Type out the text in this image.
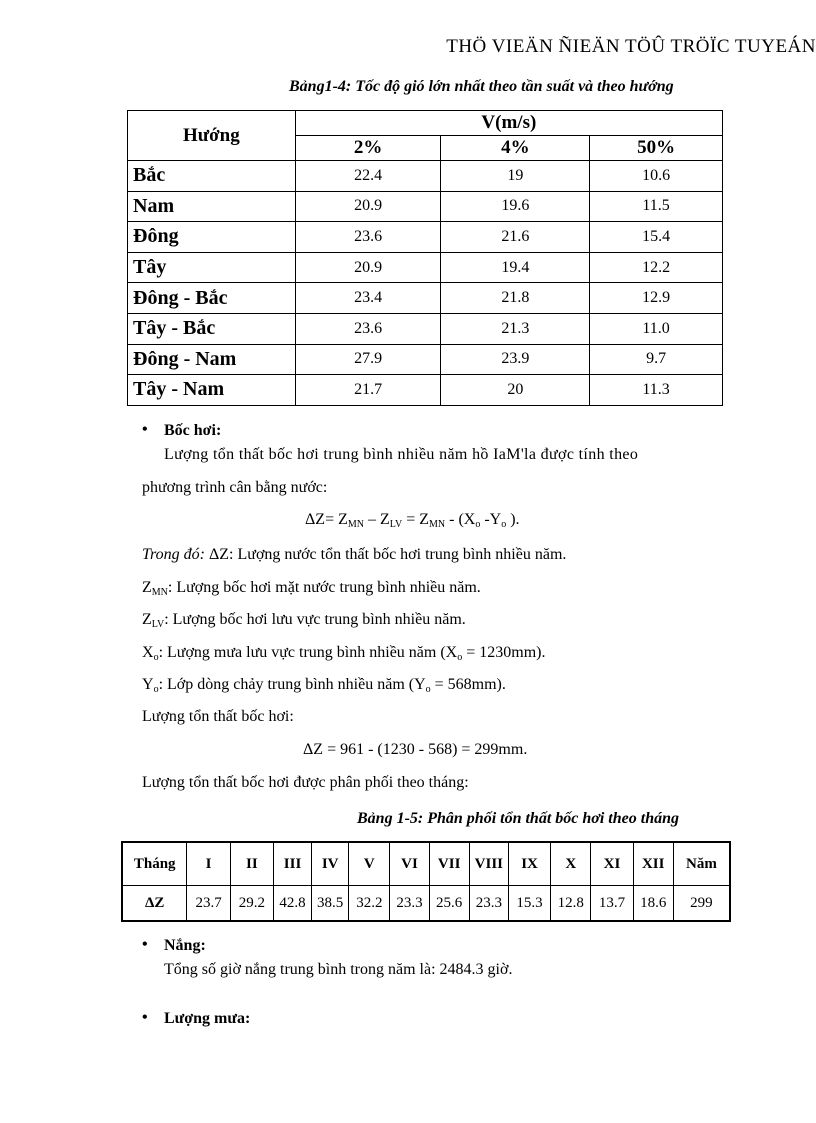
THÖ VIEÄN ÑIEÄN TÖÛ TRÖÏC TUYEÁN
Bảng1-4: Tốc độ gió lớn nhất theo tần suất và theo hướng
Hướng	V(m/s)		
	2%	4%	50%
Bắc	22.4	19	10.6
Nam	20.9	19.6	11.5
Đông	23.6	21.6	15.4
Tây	20.9	19.4	12.2
Đông - Bắc	23.4	21.8	12.9
Tây - Bắc	23.6	21.3	11.0
Đông - Nam	27.9	23.9	9.7
Tây - Nam	21.7	20	11.3
• Bốc hơi:
Lượng tổn thất bốc hơi trung bình nhiều năm hồ IaM'la được tính theo
phương trình cân bằng nước:
$\Delta Z= Z_{MN} - Z_{LV} = Z_{MN} - (X_o$ $-Y_o$ ).
Trong đó: ΔZ: Lượng nước tổn thất bốc hơi trung bình nhiều năm.
$Z_{MN}$: Lượng bốc hơi mặt nước trung bình nhiều năm.
$Z_{LV}$: Lượng bốc hơi lưu vực trung bình nhiều năm.
$X_o$: Lượng mưa lưu vực trung bình nhiều năm $(X_o = 1230mm)$.
$Y_o$: Lớp dòng chảy trung bình nhiều năm $(Y_o = 568mm)$.
Lượng tổn thất bốc hơi:
ΔZ = 961 - (1230 - 568) = 299mm.
Lượng tổn thất bốc hơi được phân phối theo tháng:
Bảng 1-5: Phân phối tổn thất bốc hơi theo tháng
Tháng	I	II	III	IV	V	VI	VII	VIII	IX	X	XI	XII	Năm
ΔZ	23.7	29.2	42.8	38.5	32.2	23.3	25.6	23.3	15.3	12.8	13.7	18.6	299
• Nắng:
Tổng số giờ nắng trung bình trong năm là: 2484.3 giờ.
• Lượng mưa:
